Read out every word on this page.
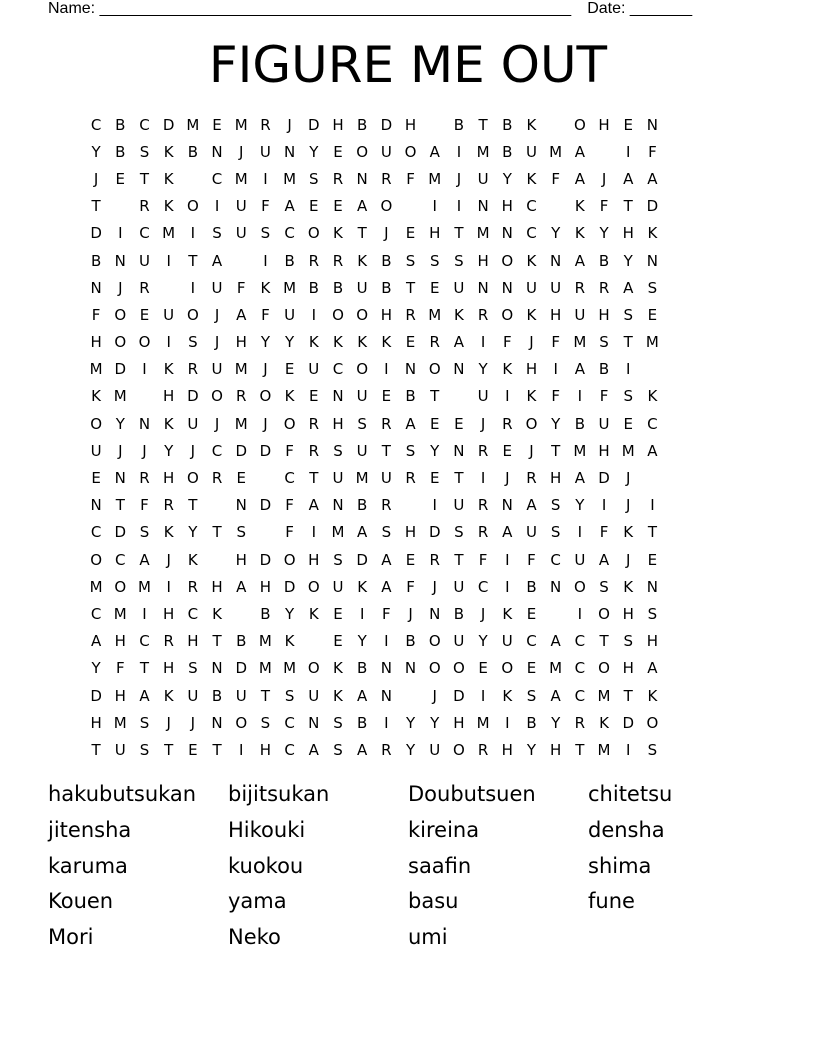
Name: _____________________________________________________ Date: _______
FIGURE ME OUT
C B C D M E M R	J	D H B D H
	B T B K
	O H E N
Y B S K B N	J	U N Y E O U O A	I	M B U M A
	I	F
J	E T K
	C M	I	M S R N R F M	J	U Y K F A	J	A A
T
	R K O	I	U F A E E A O
	I	I	N H C
	K F	T D
D	I	C M	I	S U S C O K T	J	E H T M N C Y K Y H K
B N U	I	T A
	I	B R R K B S S S H O K N A B Y N
N	J	R
	I	U F K M B B U B T E U N N U U R R A S
F O E U O	J	A F U	I	O O H R M K R O K H U H S E
H O O	I	S	J	H Y	Y K K K K E R A	I	F	J	F M S T M
M D	I	K R U M	J	E U C O	I	N O N Y K H	I	A B	I

K M
	H D O R O K E N U E B T
	U	I	K F	I	F	S K
O Y N K U	J	M	J	O R H S R A E E	J	R O Y B U E C
U	J	J	Y	J	C D D F R S U T S Y N R E	J	T M H M A
E N R H O R E
	C T U M U R E T	I	J	R H A D	J
N T	F R T
	N D F A N B R
	I	U R N A S Y	I	J	I
C D S K Y	T S
	F	I	M A S H D S R A U S	I	F K T
O C A	J	K
	H D O H S D A E R T	F	I	F C U A	J	E
M O M	I	R H A H D O U K A F	J	U C	I	B N O S K N
C M	I	H C K
	B Y K E	I	F	J	N B	J	K E
	I	O H S
A H C R H T B M K
	E Y	I	B O U Y U C A C T S H
Y	F	T H S N D M M O K B N N O O E O E M C O H A
D H A K U B U T S U K A N
	J	D	I	K S A C M T K
H M S	J	J	N O S C N S B	I	Y	Y H M	I	B Y R K D O
T U S T E T	I	H C A S A R Y U O R H Y H T M	I	S
hakubutsukan	bijitsukan	Doubutsuen	chitetsu
jitensha	Hikouki	kireina	densha
karuma	kuokou	saafin	shima
Kouen	yama	basu	fune
Mori	Neko	umi
